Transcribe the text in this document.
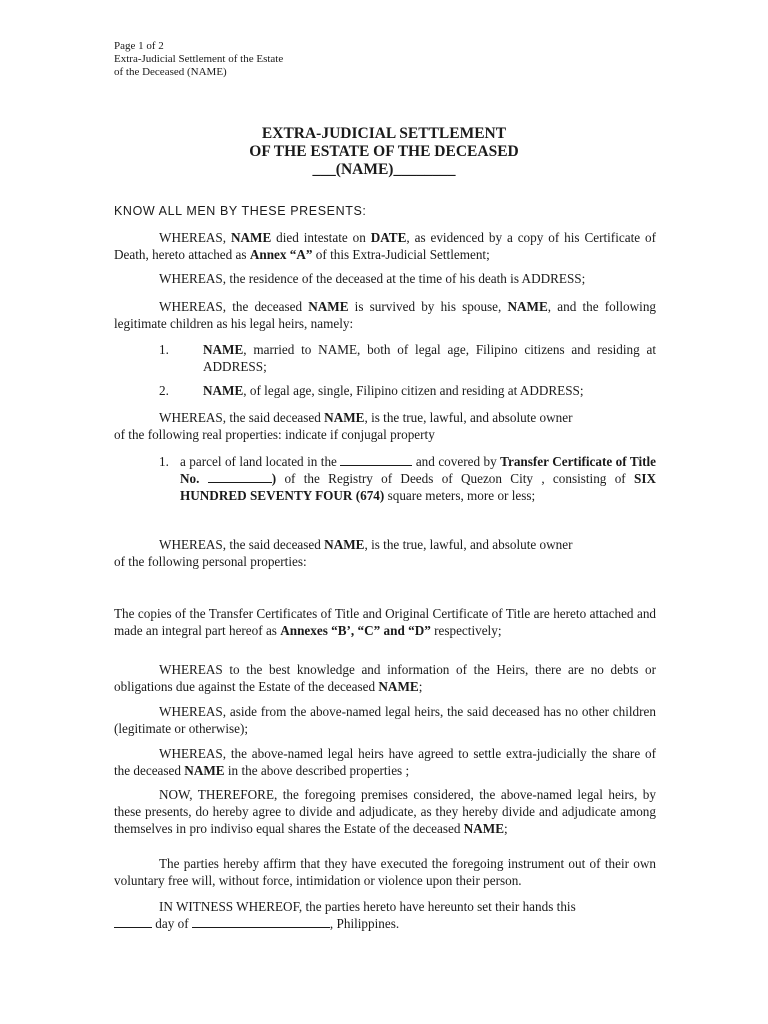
Page 1 of 2
Extra-Judicial Settlement of the Estate
of the Deceased (NAME)
EXTRA-JUDICIAL SETTLEMENT
OF THE ESTATE OF THE DECEASED
___(NAME)________
KNOW ALL MEN BY THESE PRESENTS:
WHEREAS, NAME died intestate on DATE, as evidenced by a copy of his Certificate of Death, hereto attached as Annex “A” of this Extra-Judicial Settlement;
WHEREAS, the residence of the deceased at the time of his death is ADDRESS;
WHEREAS, the deceased NAME is survived by his spouse, NAME, and the following legitimate children as his legal heirs, namely:
1.	NAME, married to NAME, both of legal age, Filipino citizens and residing at ADDRESS;
2.	NAME, of legal age, single, Filipino citizen and residing at ADDRESS;
WHEREAS, the said deceased NAME, is the true, lawful, and absolute owner
of the following real properties: indicate if conjugal property
1. a parcel of land located in the	and covered by Transfer Certificate of Title No.	) of the Registry of Deeds of Quezon City , consisting of SIX HUNDRED SEVENTY FOUR (674) square meters, more or less;
WHEREAS, the said deceased NAME, is the true, lawful, and absolute owner
of the following personal properties:
The copies of the Transfer Certificates of Title and Original Certificate of Title are hereto attached and made an integral part hereof as Annexes “B’, “C” and “D” respectively;
WHEREAS to the best knowledge and information of the Heirs, there are no debts or obligations due against the Estate of the deceased NAME;
WHEREAS, aside from the above-named legal heirs, the said deceased has no other children (legitimate or otherwise);
WHEREAS, the above-named legal heirs have agreed to settle extra-judicially the share of the deceased NAME in the above described properties ;
NOW, THEREFORE, the foregoing premises considered, the above-named legal heirs, by these presents, do hereby agree to divide and adjudicate, as they hereby divide and adjudicate among themselves in pro indiviso equal shares the Estate of the deceased NAME;
The parties hereby affirm that they have executed the foregoing instrument out of their own voluntary free will, without force, intimidation or violence upon their person.
IN WITNESS WHEREOF, the parties hereto have hereunto set their hands this
day of	, Philippines.
